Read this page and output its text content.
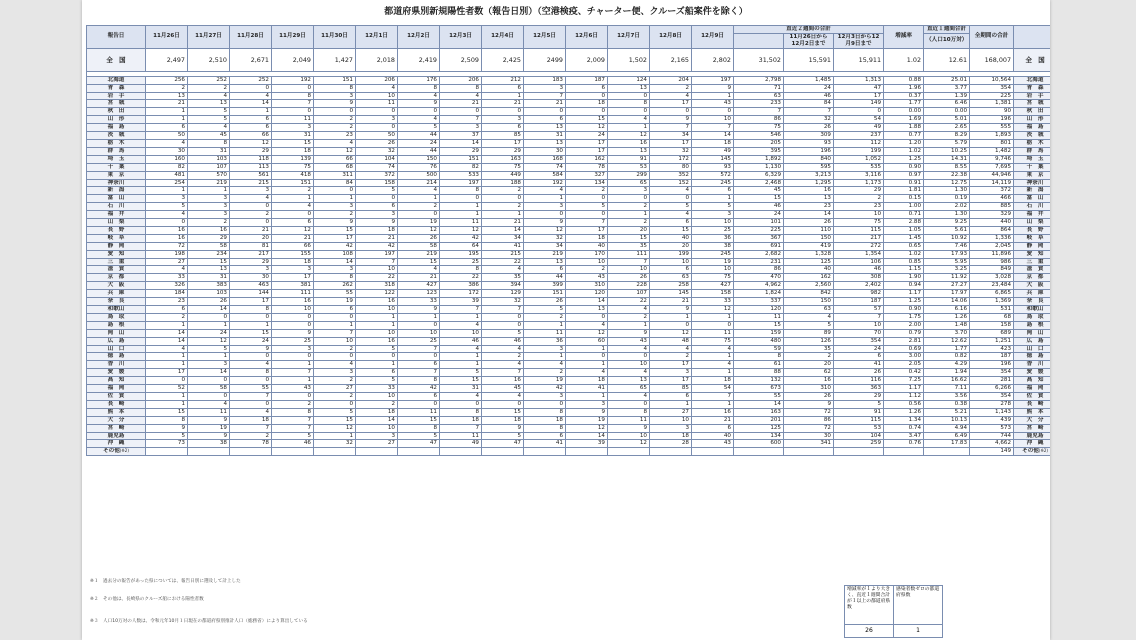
都道府県別新規陽性者数（報告日別）（空港検疫、チャーター便、クルーズ船案件を除く）
報告日	11月26日	11月27日	11月28日	11月29日	11月30日	12月1日	12月2日	12月3日	12月4日	12月5日	12月6日	12月7日	12月8日	12月9日	直近２週間の合計			増減率	直近１週間合計	全期間の合計	
																11月26日から12月2日まで	12月3日から12月9日まで		（人口10万対）		
全　国	2,497	2,510	2,671	2,049	1,427	2,018	2,419	2,509	2,425	2499	2,009	1,502	2,165	2,802	31,502	15,591	15,911	1.02	12.61	168,007	全　国

北海道	256	252	252	192	151	206	176	206	212	183	187	124	204	197	2,798	1,485	1,313	0.88	25.01	10,564	北海道
青　森	2	2	0	0	8	4	8	8	6	3	6	13	2	9	71	24	47	1.96	3.77	354	青　森
岩　手	13	4	4	8	3	10	4	4	1	7	0	0	4	1	63	46	17	0.37	1.39	225	岩　手
宮　城	21	13	14	7	9	11	9	21	21	21	18	8	17	43	233	84	149	1.77	6.46	1,381	宮　城
秋　田	1	5	1	0	0	0	0	0	0	0	0	0	0	0	7	7	0	0.00	0.00	90	秋　田
山　形	1	5	6	11	2	3	4	7	3	6	15	4	9	10	86	32	54	1.69	5.01	196	山　形
福　島	6	4	6	3	2	0	5	3	6	13	12	1	7	7	75	26	49	1.88	2.65	555	福　島
茨　城	50	45	66	31	23	50	44	37	85	31	24	12	34	14	546	309	237	0.77	8.29	1,893	茨　城
栃　木	4	8	12	15	4	26	24	14	17	13	17	16	17	18	205	93	112	1.20	5.79	801	栃　木
群　馬	30	31	29	18	12	32	44	29	29	30	17	13	32	49	395	196	199	1.02	10.25	1,482	群　馬
埼　玉	160	103	118	139	66	104	150	151	163	168	162	91	172	145	1,892	840	1,052	1.25	14.31	9,746	埼　玉
千　葉	82	107	113	75	68	74	76	82	75	74	78	53	80	93	1,130	595	535	0.90	8.55	7,695	千　葉
東　京	481	570	561	418	311	372	500	533	449	584	327	299	352	572	6,329	3,213	3,116	0.97	22.38	44,946	東　京
神奈川	254	219	215	151	84	158	214	197	188	192	134	65	152	245	2,468	1,295	1,173	0.91	12.75	14,119	神奈川
新　潟	1	1	3	2	0	5	4	8	2	4	2	3	4	6	45	16	29	1.81	1.30	372	新　潟
富　山	3	3	4	1	1	0	1	0	0	1	0	0	0	1	15	13	2	0.15	0.19	466	富　山
石　川	5	3	0	4	3	6	2	1	2	3	5	2	5	5	46	23	23	1.00	2.02	885	石　川
福　井	4	3	2	0	2	3	0	1	1	0	0	1	4	3	24	14	10	0.71	1.30	329	福　井
山　梨	0	2	0	6	9	9	19	11	21	9	7	2	6	10	101	26	75	2.88	9.25	440	山　梨
長　野	16	16	21	12	15	18	12	12	14	12	17	20	15	25	225	110	115	1.05	5.61	864	長　野
岐　阜	16	29	20	21	17	21	26	42	34	32	18	15	40	36	367	150	217	1.45	10.92	1,336	岐　阜
静　岡	72	58	81	66	42	42	58	64	41	34	40	35	20	38	691	419	272	0.65	7.46	2,045	静　岡
愛　知	198	234	217	155	108	197	219	195	215	219	170	111	199	245	2,682	1,328	1,354	1.02	17.93	11,896	愛　知
三　重	27	15	29	18	14	7	15	25	22	13	10	7	10	19	231	125	106	0.85	5.95	986	三　重
滋　賀	4	13	3	3	3	10	4	8	4	6	2	10	6	10	86	40	46	1.15	3.25	849	滋　賀
京　都	33	31	30	17	8	22	21	22	35	44	43	26	63	75	470	162	308	1.90	11.92	3,028	京　都
大　阪	326	383	463	381	262	318	427	386	394	399	310	228	258	427	4,962	2,560	2,402	0.94	27.27	23,484	大　阪
兵　庫	184	103	144	111	55	122	123	172	129	151	120	107	145	158	1,824	842	982	1.17	17.97	6,865	兵　庫
奈　良	23	26	17	16	19	16	33	39	32	26	14	22	21	33	337	150	187	1.25	14.06	1,369	奈　良
和歌山	6	14	8	10	6	10	9	7	7	5	13	4	9	12	120	63	57	0.90	6.16	531	和歌山
鳥　取	2	0	0	0	0	1	1	1	0	2	0	2	1	1	11	4	7	1.75	1.26	68	鳥　取
島　根	1	1	1	0	1	1	0	4	0	1	4	1	0	0	15	5	10	2.00	1.48	158	島　根
岡　山	14	24	15	9	7	10	10	10	5	11	12	9	12	11	159	89	70	0.79	3.70	689	岡　山
広　島	14	12	24	25	10	16	25	46	46	36	60	43	48	75	480	126	354	2.81	12.62	1,251	広　島
山　口	4	5	9	3	2	5	7	4	4	3	1	4	4	4	59	35	24	0.69	1.77	423	山　口
徳　島	1	1	0	0	0	0	0	1	2	1	0	0	2	1	8	2	6	3.00	0.82	187	徳　島
香　川	1	3	4	1	4	1	6	1	4	4	1	10	17	4	61	20	41	2.05	4.29	196	香　川
愛　媛	17	14	8	7	3	6	7	5	7	2	4	4	3	1	88	62	26	0.42	1.94	354	愛　媛
高　知	0	0	0	1	2	5	8	15	16	19	18	13	17	18	132	16	116	7.25	16.62	281	高　知
福　岡	52	58	55	43	27	33	42	31	45	42	41	65	85	54	673	310	363	1.17	7.11	6,266	福　岡
佐　賀	1	0	7	0	2	10	6	4	4	3	1	4	6	7	55	26	29	1.12	3.56	354	佐　賀
長　崎	1	4	0	2	0	2	0	0	0	0	3	0	1	1	14	9	5	0.56	0.38	278	長　崎
熊　本	15	11	4	8	5	18	11	8	15	8	9	8	27	16	163	72	91	1.26	5.21	1,143	熊　本
大　分	8	9	18	7	15	14	15	18	18	18	19	11	10	21	201	86	115	1.34	10.13	439	大　分
宮　崎	9	19	7	7	12	10	8	7	9	8	12	9	3	6	125	72	53	0.74	4.94	573	宮　崎
鹿児島	5	9	2	5	1	3	5	11	5	6	14	10	18	40	134	30	104	3.47	6.49	744	鹿児島
沖　縄	73	38	78	46	32	27	47	49	47	41	39	12	28	43	600	341	259	0.76	17.83	4,662	沖　縄
その他(※2)																				149	その他(※2)
※１　過去分の報告があった県については、報告日別に遡及して計上した
※２　その他は、長崎県のクルーズ船における陽性者数
※３　人口10万対の人数は、令和元年10月１日現在の都道府県別推計人口（総務省）により算出している
増減率が１より大きく、直近１週間合計が１以上の都道府県数	感染者数ゼロの都道府県数
26	1
